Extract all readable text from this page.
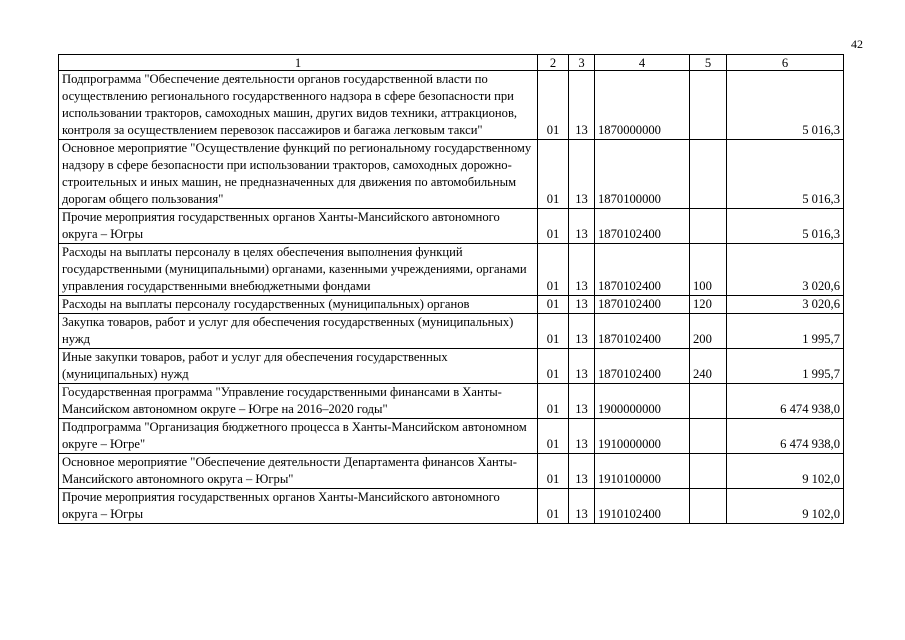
42
1	2	3	4	5	6
Подпрограмма "Обеспечение деятельности органов государственной власти по осуществлению регионального государственного надзора в сфере безопасности при использовании тракторов, самоходных машин, других видов техники, аттракционов, контроля за осуществлением перевозок пассажиров и багажа легковым такси"	01	13	1870000000		5 016,3
Основное мероприятие "Осуществление функций по региональному государственному надзору в сфере безопасности при использовании тракторов, самоходных дорожно-строительных и иных машин, не предназначенных для движения по автомобильным дорогам общего пользования"	01	13	1870100000		5 016,3
Прочие мероприятия государственных органов Ханты-Мансийского автономного округа – Югры	01	13	1870102400		5 016,3
Расходы на выплаты персоналу в целях обеспечения выполнения функций государственными (муниципальными) органами, казенными учреждениями, органами управления государственными внебюджетными фондами	01	13	1870102400	100	3 020,6
Расходы на выплаты персоналу государственных (муниципальных) органов	01	13	1870102400	120	3 020,6
Закупка товаров, работ и услуг для обеспечения государственных (муниципальных) нужд	01	13	1870102400	200	1 995,7
Иные закупки товаров, работ и услуг для обеспечения государственных (муниципальных) нужд	01	13	1870102400	240	1 995,7
Государственная программа "Управление государственными финансами в Ханты-Мансийском автономном округе – Югре на 2016–2020 годы"	01	13	1900000000		6 474 938,0
Подпрограмма "Организация бюджетного процесса в Ханты-Мансийском автономном округе – Югре"	01	13	1910000000		6 474 938,0
Основное мероприятие "Обеспечение деятельности Департамента финансов Ханты-Мансийского автономного округа – Югры"	01	13	1910100000		9 102,0
Прочие мероприятия государственных органов Ханты-Мансийского автономного округа – Югры	01	13	1910102400		9 102,0
